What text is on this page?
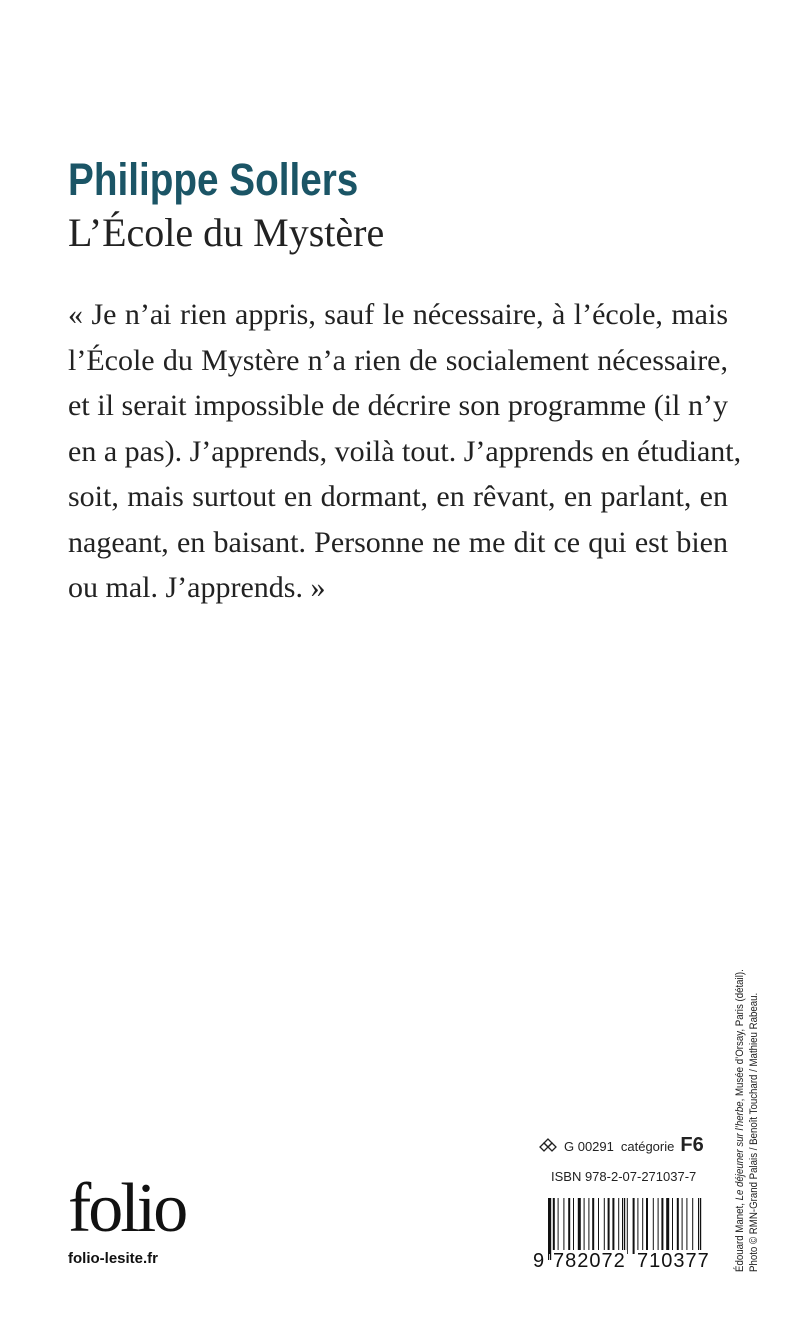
Philippe Sollers
L’École du Mystère
« Je n’ai rien appris, sauf le nécessaire, à l’école, mais
l’École du Mystère n’a rien de socialement nécessaire,
et il serait impossible de décrire son programme (il n’y
en a pas). J’apprends, voilà tout. J’apprends en étudiant,
soit, mais surtout en dormant, en rêvant, en parlant, en
nageant, en baisant. Personne ne me dit ce qui est bien
ou mal. J’apprends. »
Édouard Manet, Le déjeuner sur l’herbe, Musée d’Orsay, Paris (détail). Photo © RMN-Grand Palais / Benoît Touchard / Mathieu Rabeau.
G 00291 catégorie F6
ISBN 978-2-07-271037-7
9 782072 710377
folio
folio-lesite.fr
